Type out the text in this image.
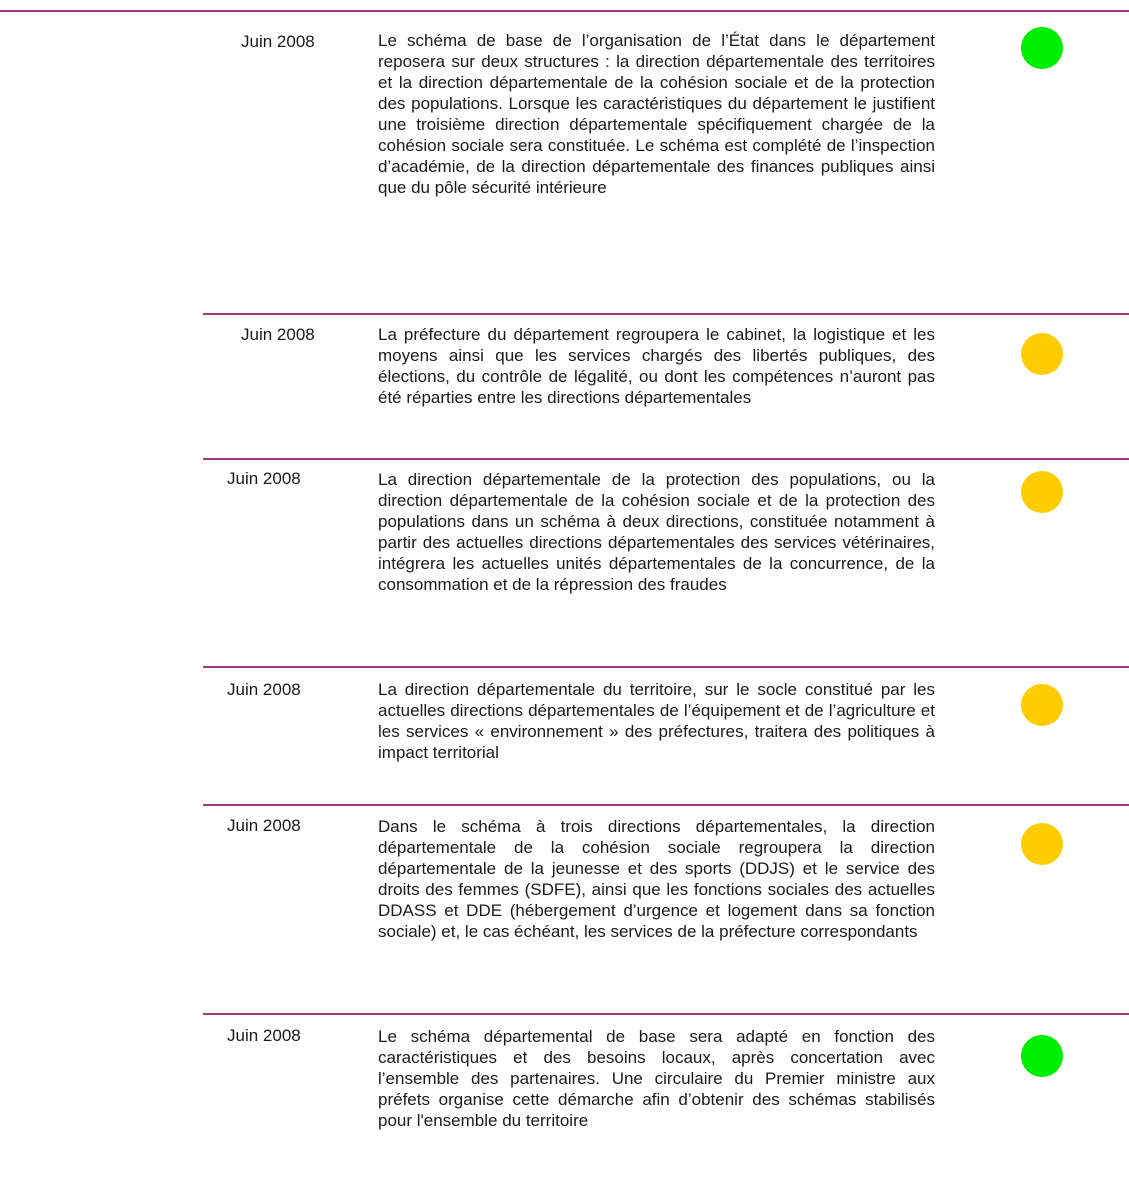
Juin 2008	Le schéma de base de l’organisation de l’État dans le département reposera sur deux structures : la direction départementale des territoires et la direction départementale de la cohésion sociale et de la protection des populations. Lorsque les caractéristiques du département le justifient une troisième direction départementale spécifiquement chargée de la cohésion sociale sera constituée. Le schéma est complété de l’inspection d’académie, de la direction départementale des finances publiques ainsi que du pôle sécurité intérieure
Juin 2008	La préfecture du département regroupera le cabinet, la logistique et les moyens ainsi que les services chargés des libertés publiques, des élections, du contrôle de légalité, ou dont les compétences n’auront pas été réparties entre les directions départementales
Juin 2008	La direction départementale de la protection des populations, ou la direction départementale de la cohésion sociale et de la protection des populations dans un schéma à deux directions, constituée notamment à partir des actuelles directions départementales des services vétérinaires, intégrera les actuelles unités départementales de la concurrence, de la consommation et de la répression des fraudes
Juin 2008	La direction départementale du territoire, sur le socle constitué par les actuelles directions départementales de l’équipement et de l’agriculture et les services « environnement » des préfectures, traitera des politiques à impact territorial
Juin 2008	Dans le schéma à trois directions départementales, la direction départementale de la cohésion sociale regroupera la direction départementale de la jeunesse et des sports (DDJS) et le service des droits des femmes (SDFE), ainsi que les fonctions sociales des actuelles DDASS et DDE (hébergement d’urgence et logement dans sa fonction sociale) et, le cas échéant, les services de la préfecture correspondants
Juin 2008	Le schéma départemental de base sera adapté en fonction des caractéristiques et des besoins locaux, après concertation avec l’ensemble des partenaires. Une circulaire du Premier ministre aux préfets organise cette démarche afin d’obtenir des schémas stabilisés pour l'ensemble du territoire
